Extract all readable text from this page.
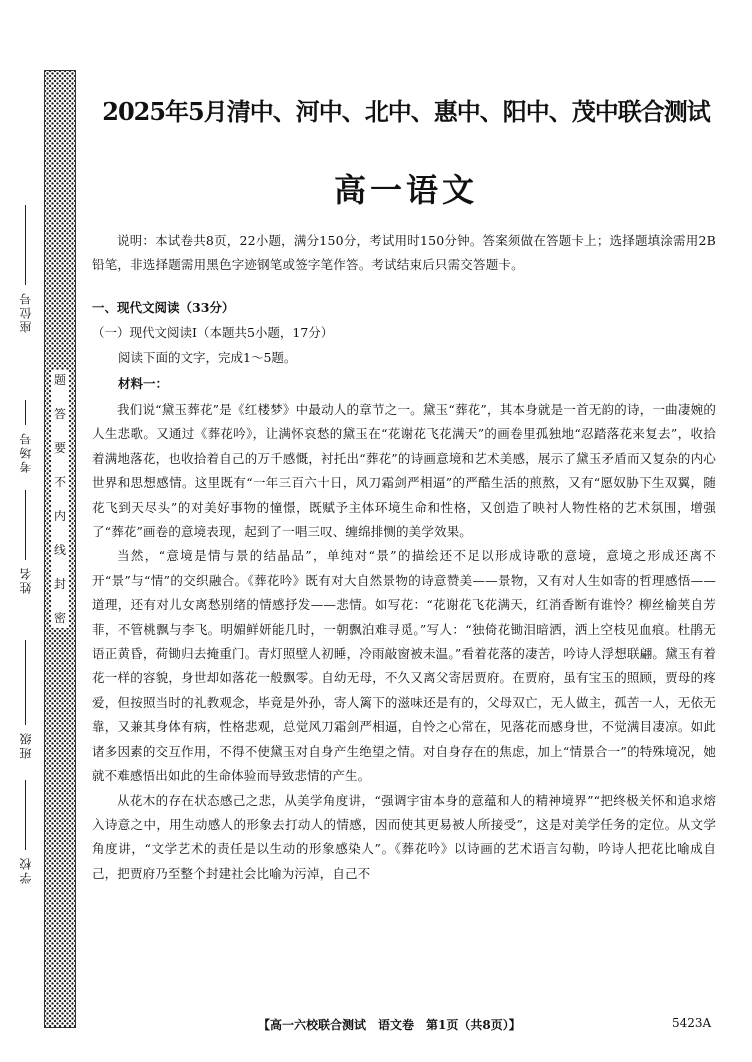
题
答
要
不
内
线
封
密
座位号
考场号
姓名
班级
学校
2025年5月清中、河中、北中、惠中、阳中、茂中联合测试
高一语文
说明：本试卷共8页，22小题，满分150分，考试用时150分钟。答案须做在答题卡上；选择题填涂需用2B铅笔，非选择题需用黑色字迹钢笔或签字笔作答。考试结束后只需交答题卡。
一、现代文阅读（33分）
（一）现代文阅读Ⅰ（本题共5小题，17分）
阅读下面的文字，完成1～5题。
材料一：

我们说“黛玉葬花”是《红楼梦》中最动人的章节之一。黛玉“葬花”，其本身就是一首无韵的诗，一曲凄婉的人生悲歌。又通过《葬花吟》，让满怀哀愁的黛玉在“花谢花飞花满天”的画卷里孤独地“忍踏落花来复去”，收拾着满地落花，也收拾着自己的万千感慨，衬托出“葬花”的诗画意境和艺术美感，展示了黛玉矛盾而又复杂的内心世界和思想感情。这里既有“一年三百六十日，风刀霜剑严相逼”的严酷生活的煎熬，又有“愿奴胁下生双翼，随花飞到天尽头”的对美好事物的憧憬，既赋予主体环境生命和性格，又创造了映衬人物性格的艺术氛围，增强了“葬花”画卷的意境表现，起到了一唱三叹、缠绵排恻的美学效果。

当然，“意境是情与景的结晶品”，单纯对“景”的描绘还不足以形成诗歌的意境，意境之形成还离不开“景”与“情”的交织融合。《葬花吟》既有对大自然景物的诗意赞美——景物，又有对人生如寄的哲理感悟——道理，还有对儿女离愁别绪的情感抒发——悲情。如写花：“花谢花飞花满天，红消香断有谁怜？柳丝榆荚自芳菲，不管桃飘与李飞。明媚鲜妍能几时，一朝飘泊难寻觅。”写人：“独倚花锄泪暗洒，洒上空枝见血痕。杜鹃无语正黄昏，荷锄归去掩重门。青灯照壁人初睡，冷雨敲窗被未温。”看着花落的凄苦，吟诗人浮想联翩。黛玉有着花一样的容貌，身世却如落花一般飘零。自幼无母，不久又离父寄居贾府。在贾府，虽有宝玉的照顾，贾母的疼爱，但按照当时的礼教观念，毕竟是外孙，寄人篱下的滋味还是有的，父母双亡，无人做主，孤苦一人，无依无靠，又兼其身体有病，性格悲观，总觉风刀霜剑严相逼，自怜之心常在，见落花而感身世，不觉满目凄凉。如此诸多因素的交互作用，不得不使黛玉对自身产生绝望之情。对自身存在的焦虑，加上“情景合一”的特殊境况，她就不难感悟出如此的生命体验而导致悲情的产生。

从花木的存在状态感己之悲，从美学角度讲，“强调宇宙本身的意蕴和人的精神境界”“把终极关怀和追求熔入诗意之中，用生动感人的形象去打动人的情感，因而使其更易被人所接受”，这是对美学任务的定位。从文学角度讲，“文学艺术的责任是以生动的形象感染人”。《葬花吟》以诗画的艺术语言勾勒，吟诗人把花比喻成自己，把贾府乃至整个封建社会比喻为污淖，自己不

【高一六校联合测试　语文卷　第1页（共8页）】	5423A
